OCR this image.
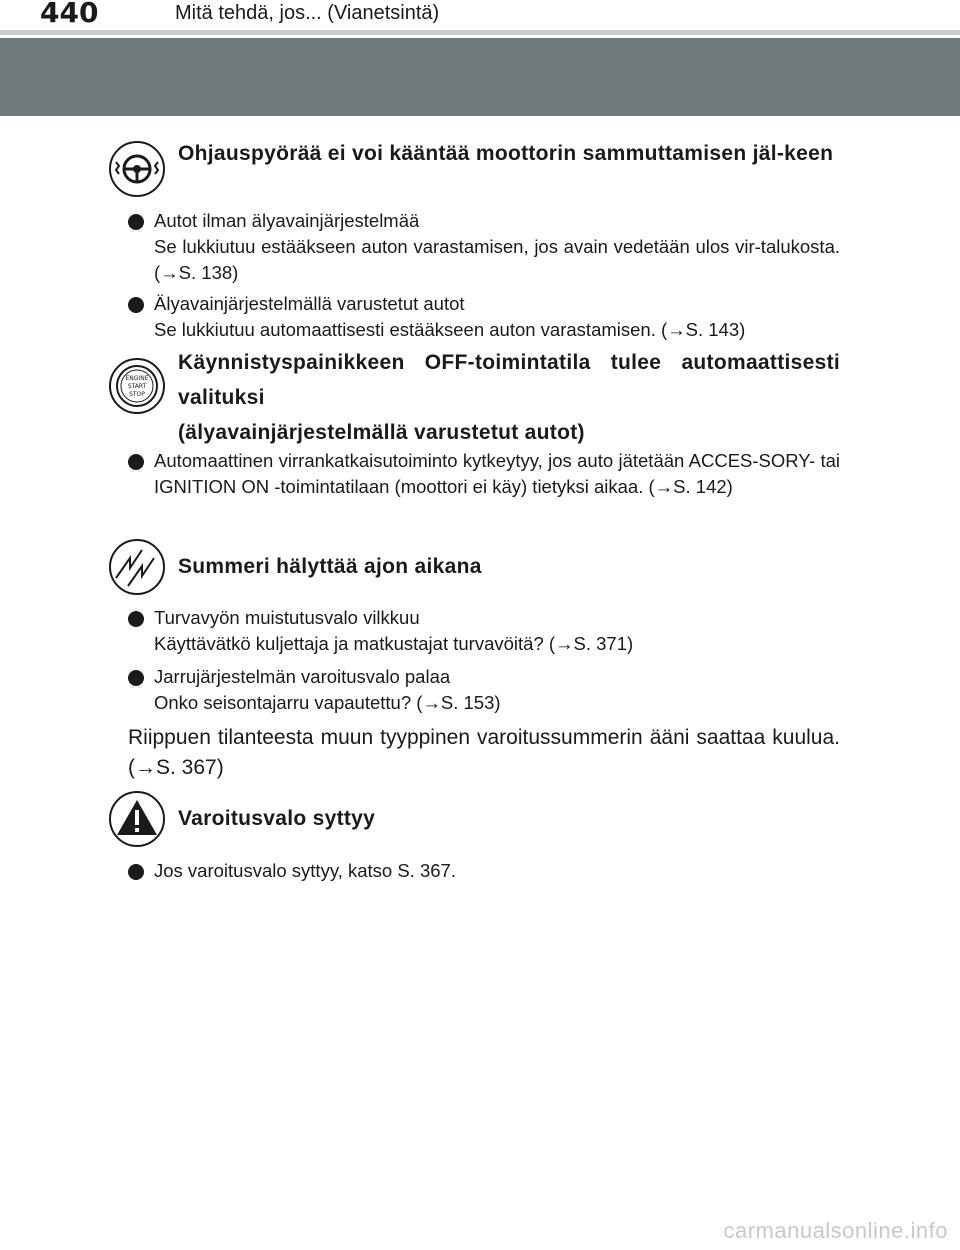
440	Mitä tehdä, jos... (Vianetsintä)
Ohjauspyörää ei voi kääntää moottorin sammuttamisen jäl-keen
Autot ilman älyavainjärjestelmää
Se lukkiutuu estääkseen auton varastamisen, jos avain vedetään ulos vir-talukosta. (→S. 138)
Älyavainjärjestelmällä varustetut autot
Se lukkiutuu automaattisesti estääkseen auton varastamisen. (→S. 143)
ENGINE
START
STOP
Käynnistyspainikkeen OFF-toimintatila tulee automaattisesti valituksi
(älyavainjärjestelmällä varustetut autot)
Automaattinen virrankatkaisutoiminto kytkeytyy, jos auto jätetään ACCES-SORY- tai IGNITION ON -toimintatilaan (moottori ei käy) tietyksi aikaa. (→S. 142)
Summeri hälyttää ajon aikana
Turvavyön muistutusvalo vilkkuu
Käyttävätkö kuljettaja ja matkustajat turvavöitä? (→S. 371)
Jarrujärjestelmän varoitusvalo palaa
Onko seisontajarru vapautettu? (→S. 153)
Riippuen tilanteesta muun tyyppinen varoitussummerin ääni saattaa kuulua. (→S. 367)
Varoitusvalo syttyy
Jos varoitusvalo syttyy, katso S. 367.
carmanualsonline.info
